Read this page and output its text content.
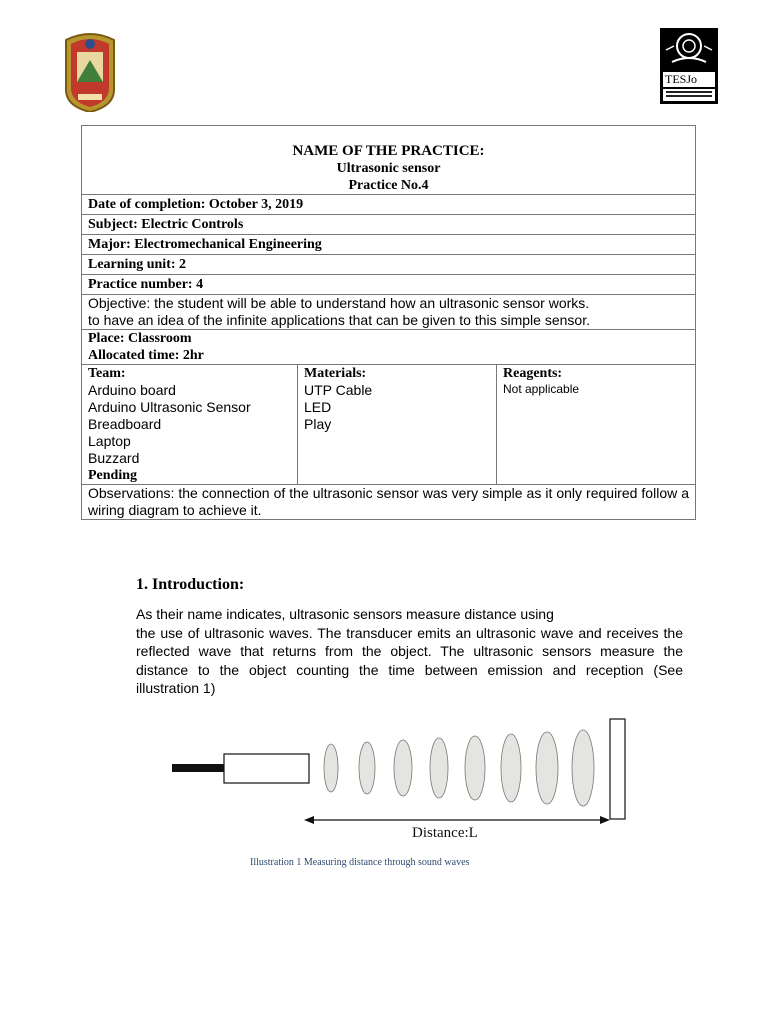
TESJo
NAME OF THE PRACTICE:
Ultrasonic sensor
Practice No.4

Date of completion: October 3, 2019
Subject: Electric Controls
Major: Electromechanical Engineering
Learning unit: 2
Practice number: 4

Objective: the student will be able to understand how an ultrasonic sensor works.
to have an idea of the infinite applications that can be given to this simple sensor.

Place: Classroom
Allocated time: 2hr

Team:
Arduino board
Arduino Ultrasonic Sensor
Breadboard
Laptop
Buzzard
Pending

Materials:
UTP Cable
LED
Play

Reagents:
Not applicable

Observations: the connection of the ultrasonic sensor was very simple as it only required follow a wiring diagram to achieve it.
1. Introduction:
As their name indicates, ultrasonic sensors measure distance using
the use of ultrasonic waves. The transducer emits an ultrasonic wave and receives the reflected wave that returns from the object. The ultrasonic sensors measure the distance to the object counting the time between emission and reception (See illustration 1)
Distance:L
Illustration 1 Measuring distance through sound waves
